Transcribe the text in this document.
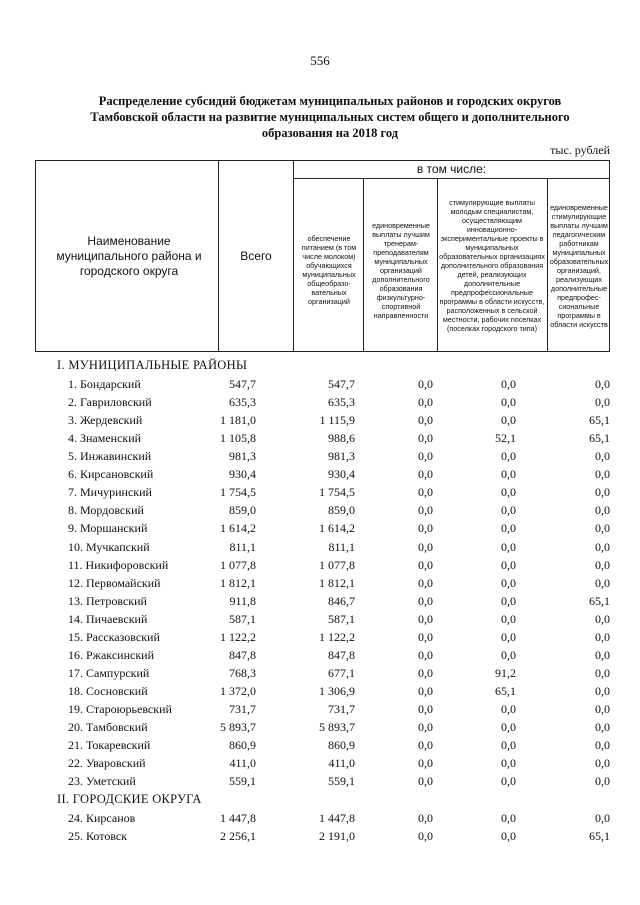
556
Распределение субсидий бюджетам муниципальных районов и городских округов
Тамбовской области на развитие муниципальных систем общего и дополнительного
образования на 2018 год
тыс. рублей
Наименование муниципального района и городского округа
Всего
в том числе:
обеспечение питанием (в том числе молоком) обучающихся муниципальных общеобразо- вательных организаций
единовременные выплаты лучшим тренерам- преподавателям муниципальных организаций дополнительного образования физкультурно- спортивной направленности
стимулирующие выплаты молодым специалистам, осуществляющим инновационно- экспериментальные проекты в муниципальных образовательных организациях дополнительного образования детей, реализующих дополнительные предпрофессиональные программы в области искусств, расположенных в сельской местности, рабочих поселках (поселках городского типа)
единовременные стимулирующие выплаты лучшим педагогическим работникам муниципальных образовательных организаций, реализующих дополнительные предпрофес- сиональные программы в области искусств
I. МУНИЦИПАЛЬНЫЕ РАЙОНЫ
1. Бондарский	547,7	547,7	0,0	0,0	0,0
2. Гавриловский	635,3	635,3	0,0	0,0	0,0
3. Жердевский	1 181,0	1 115,9	0,0	0,0	65,1
4. Знаменский	1 105,8	988,6	0,0	52,1	65,1
5. Инжавинский	981,3	981,3	0,0	0,0	0,0
6. Кирсановский	930,4	930,4	0,0	0,0	0,0
7. Мичуринский	1 754,5	1 754,5	0,0	0,0	0,0
8. Мордовский	859,0	859,0	0,0	0,0	0,0
9. Моршанский	1 614,2	1 614,2	0,0	0,0	0,0
10. Мучкапский	811,1	811,1	0,0	0,0	0,0
11. Никифоровский	1 077,8	1 077,8	0,0	0,0	0,0
12. Первомайский	1 812,1	1 812,1	0,0	0,0	0,0
13. Петровский	911,8	846,7	0,0	0,0	65,1
14. Пичаевский	587,1	587,1	0,0	0,0	0,0
15. Рассказовский	1 122,2	1 122,2	0,0	0,0	0,0
16. Ржаксинский	847,8	847,8	0,0	0,0	0,0
17. Сампурский	768,3	677,1	0,0	91,2	0,0
18. Сосновский	1 372,0	1 306,9	0,0	65,1	0,0
19. Староюрьевский	731,7	731,7	0,0	0,0	0,0
20. Тамбовский	5 893,7	5 893,7	0,0	0,0	0,0
21. Токаревский	860,9	860,9	0,0	0,0	0,0
22. Уваровский	411,0	411,0	0,0	0,0	0,0
23. Уметский	559,1	559,1	0,0	0,0	0,0
II. ГОРОДСКИЕ ОКРУГА
24. Кирсанов	1 447,8	1 447,8	0,0	0,0	0,0
25. Котовск	2 256,1	2 191,0	0,0	0,0	65,1
